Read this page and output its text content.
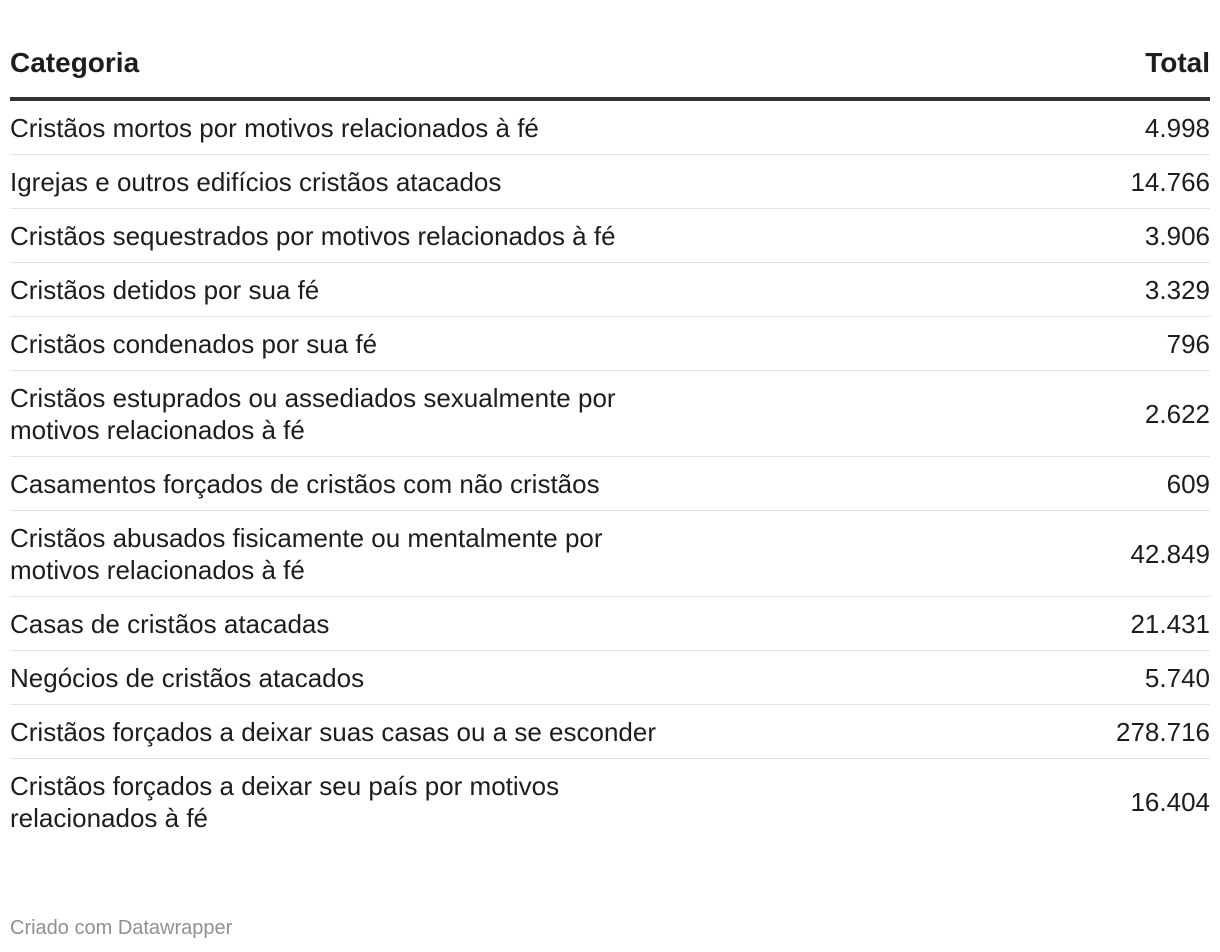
Categoria	Total
Cristãos mortos por motivos relacionados à fé	4.998
Igrejas e outros edifícios cristãos atacados	14.766
Cristãos sequestrados por motivos relacionados à fé	3.906
Cristãos detidos por sua fé	3.329
Cristãos condenados por sua fé	796
Cristãos estuprados ou assediados sexualmente por motivos relacionados à fé	2.622
Casamentos forçados de cristãos com não cristãos	609
Cristãos abusados fisicamente ou mentalmente por motivos relacionados à fé	42.849
Casas de cristãos atacadas	21.431
Negócios de cristãos atacados	5.740
Cristãos forçados a deixar suas casas ou a se esconder	278.716
Cristãos forçados a deixar seu país por motivos relacionados à fé	16.404
Criado com Datawrapper
